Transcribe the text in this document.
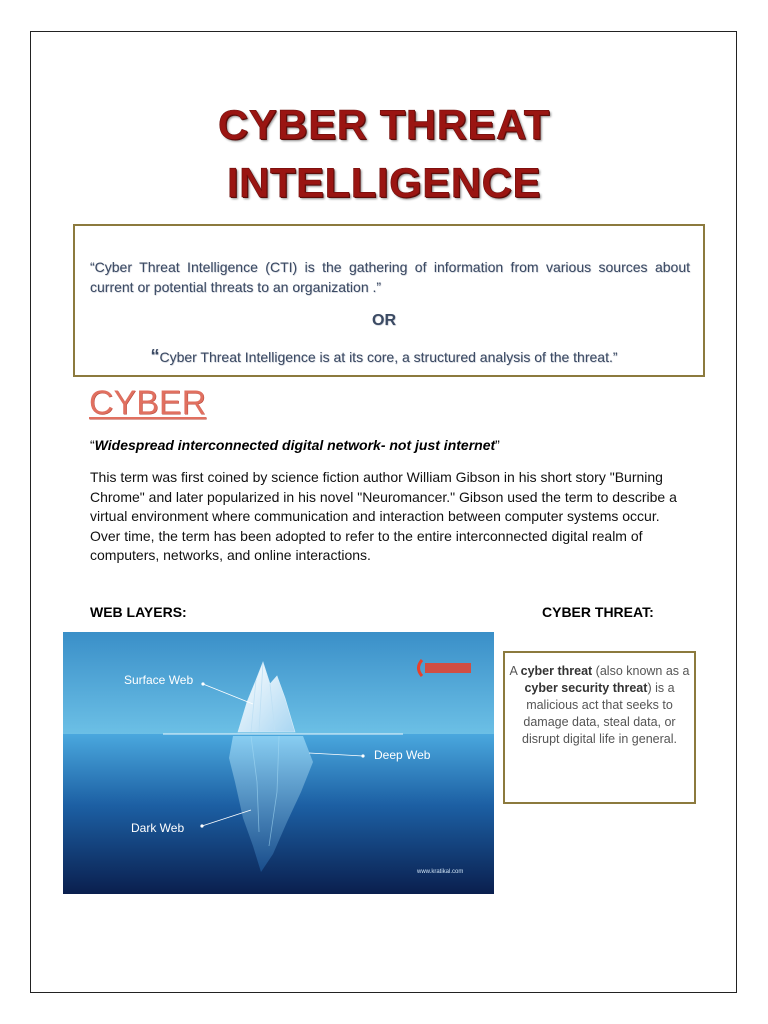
CYBER THREAT
INTELLIGENCE
“Cyber Threat Intelligence (CTI) is the gathering of information from various sources about current or potential threats to an organization .”
OR
“Cyber Threat Intelligence is at its core, a structured analysis of the threat.”
CYBER
“Widespread interconnected digital network- not just internet”
This term was first coined by science fiction author William Gibson in his short story "Burning Chrome" and later popularized in his novel "Neuromancer." Gibson used the term to describe a virtual environment where communication and interaction between computer systems occur. Over time, the term has been adopted to refer to the entire interconnected digital realm of computers, networks, and online interactions.
WEB LAYERS:	CYBER THREAT:
Surface Web
Deep Web
Dark Web
www.kratikal.com
A cyber threat (also known as a cyber security threat) is a malicious act that seeks to damage data, steal data, or disrupt digital life in general.
